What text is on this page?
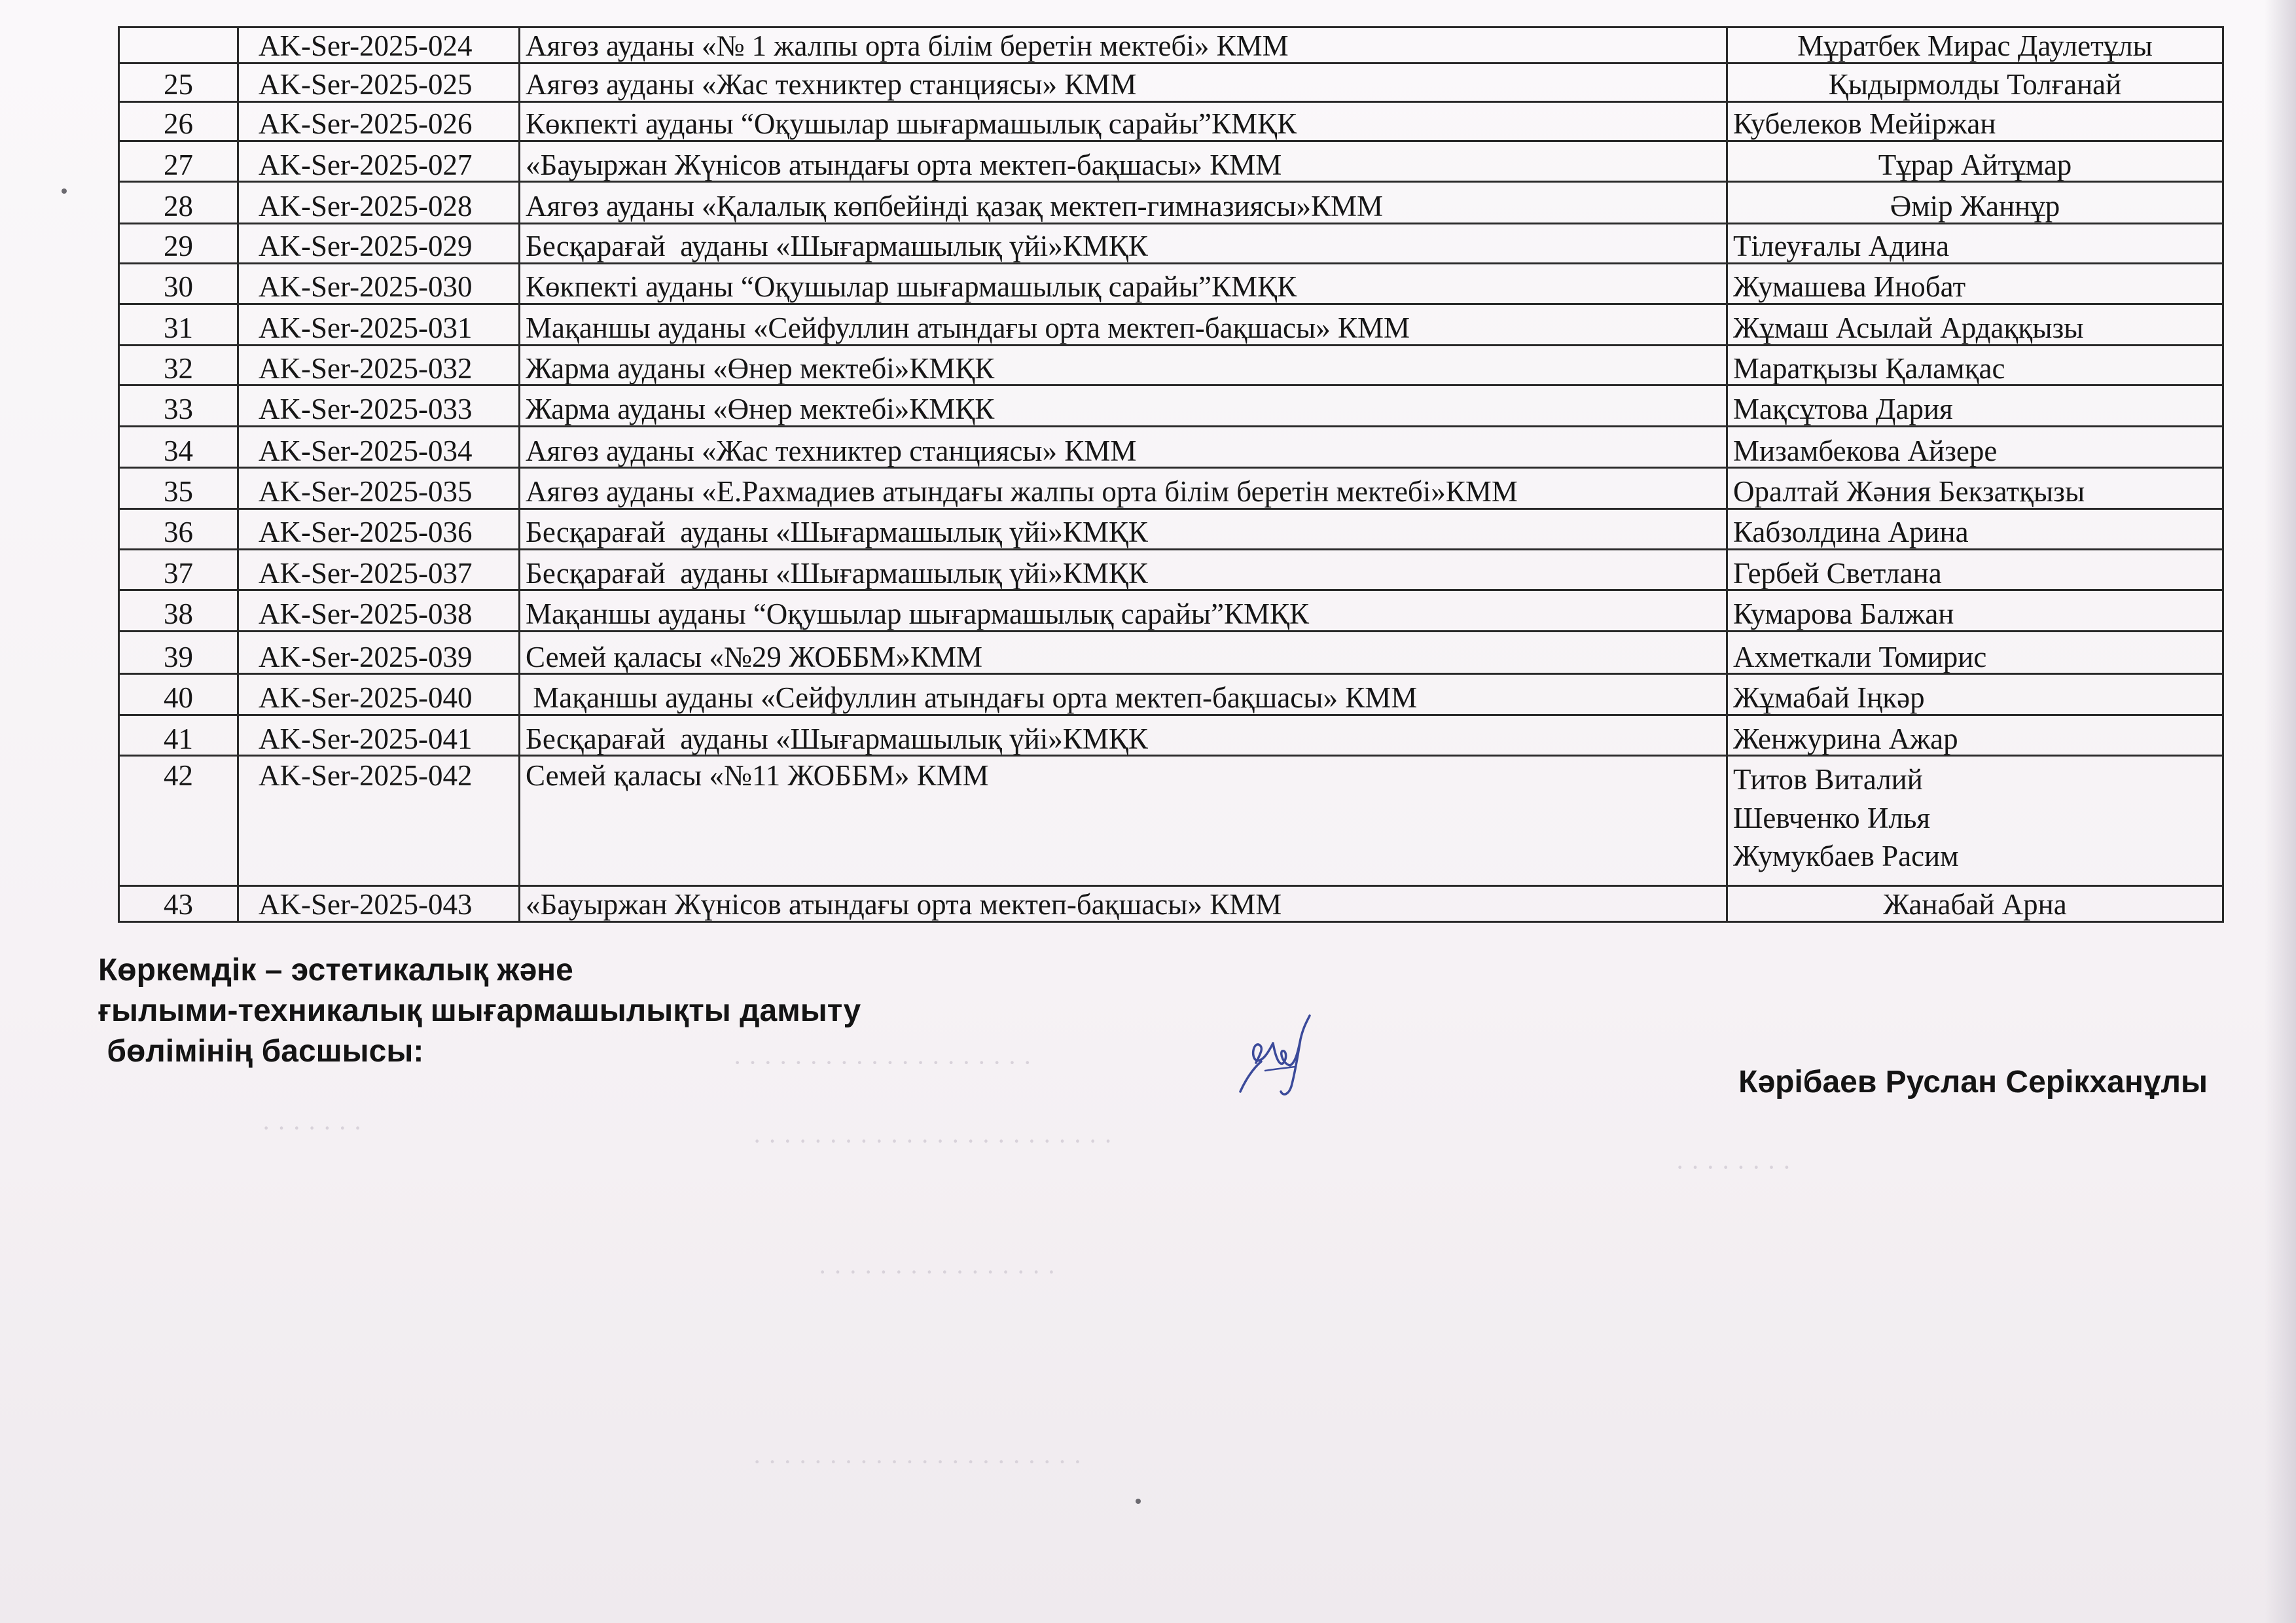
· · · · · · · · · · · · · · · · · · · ·
· · · · · · ·	· · · · · · · · · · · · · · · · · · · · · · · ·
· · · · · · · ·
· · · · · · · · · · · · · · · ·
· · · · · · · · · · · · · · · · · · · · · ·
	AK-Ser-2025-024	Аягөз ауданы «№ 1 жалпы орта білім беретін мектебі» КММ	Мұратбек Мирас Даулетұлы

25	AK-Ser-2025-025	Аягөз ауданы «Жас техниктер станциясы» КММ	Қыдырмолды Толғанай

26	AK-Ser-2025-026	Көкпекті ауданы “Оқушылар шығармашылық сарайы”КМҚК	Кубелеков Мейіржан

27	AK-Ser-2025-027	«Бауыржан Жүнісов атындағы орта мектеп-бақшасы» КММ	Тұрар Айтұмар

28	AK-Ser-2025-028	Аягөз ауданы «Қалалық көпбейінді қазақ мектеп-гимназиясы»КММ	Әмір Жаннұр

29	AK-Ser-2025-029	Бесқарағай  ауданы «Шығармашылық үйі»КМҚК	Тілеуғалы Адина

30	AK-Ser-2025-030	Көкпекті ауданы “Оқушылар шығармашылық сарайы”КМҚК	Жумашева Инобат

31	AK-Ser-2025-031	Мақаншы ауданы «Сейфуллин атындағы орта мектеп-бақшасы» КММ	Жұмаш Асылай Ардаққызы

32	AK-Ser-2025-032	Жарма ауданы «Өнер мектебі»КМҚК	Маратқызы Қаламқас

33	AK-Ser-2025-033	Жарма ауданы «Өнер мектебі»КМҚК	Мақсұтова Дария

34	AK-Ser-2025-034	Аягөз ауданы «Жас техниктер станциясы» КММ	Мизамбекова Айзере

35	AK-Ser-2025-035	Аягөз ауданы «Е.Рахмадиев атындағы жалпы орта білім беретін мектебі»КММ	Оралтай Жәния Бекзатқызы

36	AK-Ser-2025-036	Бесқарағай  ауданы «Шығармашылық үйі»КМҚК	Кабзолдина Арина

37	AK-Ser-2025-037	Бесқарағай  ауданы «Шығармашылық үйі»КМҚК	Гербей Светлана

38	AK-Ser-2025-038	Мақаншы ауданы “Оқушылар шығармашылық сарайы”КМҚК	Кумарова Балжан

39	AK-Ser-2025-039	Семей қаласы «№29 ЖОББМ»КММ	Ахметкали Томирис

40	AK-Ser-2025-040	Мақаншы ауданы «Сейфуллин атындағы орта мектеп-бақшасы» КММ	Жұмабай Іңкәр

41	AK-Ser-2025-041	Бесқарағай  ауданы «Шығармашылық үйі»КМҚК	Женжурина Ажар

42	AK-Ser-2025-042	Семей қаласы «№11 ЖОББМ» КММ	Титов Виталий
Шевченко Илья
Жумукбаев Расим

43	AK-Ser-2025-043	«Бауыржан Жүнісов атындағы орта мектеп-бақшасы» КММ	Жанабай Арна
Көркемдік – эстетикалық және
ғылыми-техникалық шығармашылықты дамыту
бөлімінің басшысы:
Кәрібаев Руслан Серікханұлы
